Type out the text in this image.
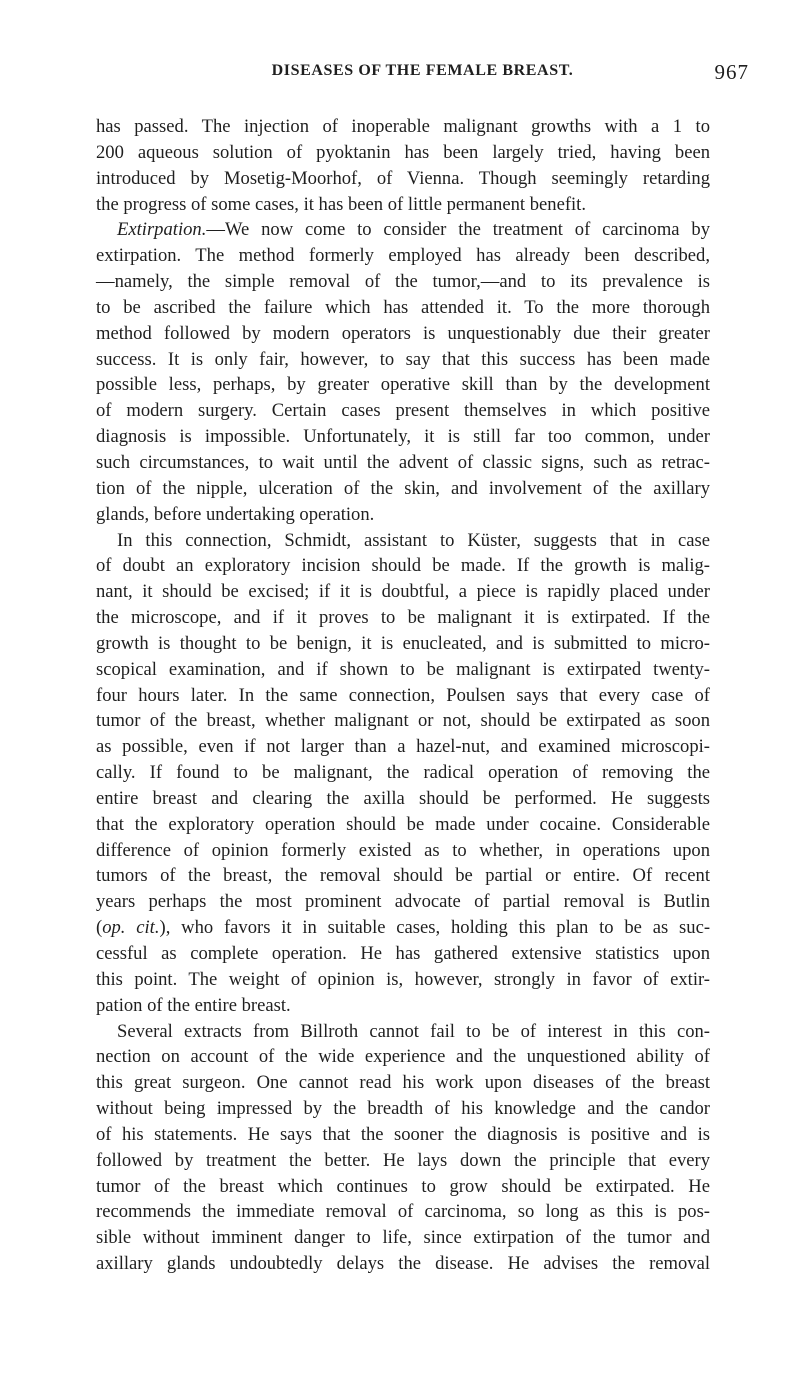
DISEASES OF THE FEMALE BREAST.	967
has passed. The injection of inoperable malignant growths with a 1 to
200 aqueous solution of pyoktanin has been largely tried, having been
introduced by Mosetig-Moorhof, of Vienna. Though seemingly retarding
the progress of some cases, it has been of little permanent benefit.
Extirpation.—We now come to consider the treatment of carcinoma by
extirpation. The method formerly employed has already been described,
—namely, the simple removal of the tumor,—and to its prevalence is
to be ascribed the failure which has attended it. To the more thorough
method followed by modern operators is unquestionably due their greater
success. It is only fair, however, to say that this success has been made
possible less, perhaps, by greater operative skill than by the development
of modern surgery. Certain cases present themselves in which positive
diagnosis is impossible. Unfortunately, it is still far too common, under
such circumstances, to wait until the advent of classic signs, such as retrac-
tion of the nipple, ulceration of the skin, and involvement of the axillary
glands, before undertaking operation.
In this connection, Schmidt, assistant to Küster, suggests that in case
of doubt an exploratory incision should be made. If the growth is malig-
nant, it should be excised; if it is doubtful, a piece is rapidly placed under
the microscope, and if it proves to be malignant it is extirpated. If the
growth is thought to be benign, it is enucleated, and is submitted to micro-
scopical examination, and if shown to be malignant is extirpated twenty-
four hours later. In the same connection, Poulsen says that every case of
tumor of the breast, whether malignant or not, should be extirpated as soon
as possible, even if not larger than a hazel-nut, and examined microscopi-
cally. If found to be malignant, the radical operation of removing the
entire breast and clearing the axilla should be performed. He suggests
that the exploratory operation should be made under cocaine. Considerable
difference of opinion formerly existed as to whether, in operations upon
tumors of the breast, the removal should be partial or entire. Of recent
years perhaps the most prominent advocate of partial removal is Butlin
(op. cit.), who favors it in suitable cases, holding this plan to be as suc-
cessful as complete operation. He has gathered extensive statistics upon
this point. The weight of opinion is, however, strongly in favor of extir-
pation of the entire breast.
Several extracts from Billroth cannot fail to be of interest in this con-
nection on account of the wide experience and the unquestioned ability of
this great surgeon. One cannot read his work upon diseases of the breast
without being impressed by the breadth of his knowledge and the candor
of his statements. He says that the sooner the diagnosis is positive and is
followed by treatment the better. He lays down the principle that every
tumor of the breast which continues to grow should be extirpated. He
recommends the immediate removal of carcinoma, so long as this is pos-
sible without imminent danger to life, since extirpation of the tumor and
axillary glands undoubtedly delays the disease. He advises the removal
